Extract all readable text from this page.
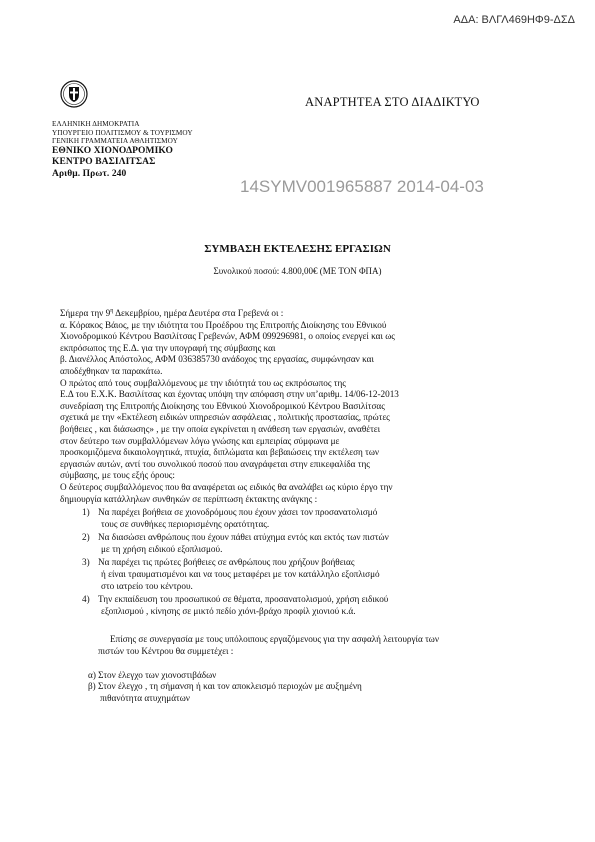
ΑΔΑ: ΒΛΓΛ469ΗΦ9-ΔΣΔ
ΕΛΛΗΝΙΚΗ ΔΗΜΟΚΡΑΤΙΑ
ΥΠΟΥΡΓΕΙΟ ΠΟΛΙΤΙΣΜΟΥ & ΤΟΥΡΙΣΜΟΥ
ΓΕΝΙΚΗ ΓΡΑΜΜΑΤΕΙΑ ΑΘΛΗΤΙΣΜΟΥ
ΕΘΝΙΚΟ ΧΙΟΝΟΔΡΟΜΙΚΟ
ΚΕΝΤΡΟ ΒΑΣΙΛΙΤΣΑΣ
Αριθμ. Πρωτ. 240
ΑΝΑΡΤΗΤΕΑ ΣΤΟ ΔΙΑΔΙΚΤΥΟ
14SYMV001965887 2014-04-03
ΣΥΜΒΑΣΗ ΕΚΤΕΛΕΣΗΣ ΕΡΓΑΣΙΩΝ
Συνολικού ποσού: 4.800,00€ (ΜΕ ΤΟΝ ΦΠΑ)

Σήμερα την $9^\eta$ Δεκεμβρίου, ημέρα Δευτέρα στα Γρεβενά οι :

α. Κόρακος Βάιος, με την ιδιότητα του Προέδρου της Επιτροπής Διοίκησης του Εθνικού

Χιονοδρομικού Κέντρου Βασιλίτσας Γρεβενών, ΑΦΜ 099296981, ο οποίος ενεργεί και ως

εκπρόσωπος της Ε.Δ. για την υπογραφή της σύμβασης και

β. Διανέλλος Απόστολος, ΑΦΜ 036385730 ανάδοχος της εργασίας, συμφώνησαν και

αποδέχθηκαν τα παρακάτω.

Ο πρώτος από τους συμβαλλόμενους με την ιδιότητά του ως εκπρόσωπος της

Ε.Δ του Ε.Χ.Κ. Βασιλίτσας και έχοντας υπόψη την απόφαση στην υπ’αριθμ. 14/06-12-2013

συνεδρίαση της Επιτροπής Διοίκησης του Εθνικού Χιονοδρομικού Κέντρου Βασιλίτσας

σχετικά με την «Εκτέλεση ειδικών υπηρεσιών ασφάλειας , πολιτικής προστασίας, πρώτες

βοήθειες , και διάσωσης» , με την οποία εγκρίνεται η ανάθεση των εργασιών, αναθέτει

στον δεύτερο των συμβαλλόμενων λόγω γνώσης και εμπειρίας σύμφωνα με

προσκομιζόμενα δικαιολογητικά, πτυχία, διπλώματα και βεβαιώσεις την εκτέλεση των

εργασιών αυτών, αντί του συνολικού ποσού που αναγράφεται στην επικεφαλίδα της

σύμβασης, με τους εξής όρους:

Ο δεύτερος συμβαλλόμενος που θα αναφέρεται ως ειδικός θα αναλάβει ως κύριο έργο την

δημιουργία κατάλληλων συνθηκών σε περίπτωση έκτακτης ανάγκης :

1) Να παρέχει βοήθεια σε χιονοδρόμους που έχουν χάσει τον προσανατολισμό
τους σε συνθήκες περιορισμένης ορατότητας.
2) Να διασώσει ανθρώπους που έχουν πάθει ατύχημα εντός και εκτός των πιστών
με τη χρήση ειδικού εξοπλισμού.
3) Να παρέχει τις πρώτες βοήθειες σε ανθρώπους που χρήζουν βοήθειας
ή είναι τραυματισμένοι και να τους μεταφέρει με τον κατάλληλο εξοπλισμό
στο ιατρείο του κέντρου.
4) Την εκπαίδευση του προσωπικού σε θέματα, προσανατολισμού, χρήση ειδικού
εξοπλισμού , κίνησης σε μικτό πεδίο χιόνι-βράχο προφίλ χιονιού κ.ά.

Επίσης σε συνεργασία με τους υπόλοιπους εργαζόμενους για την ασφαλή λειτουργία των

πιστών του Κέντρου θα συμμετέχει :

α) Στον έλεγχο των χιονοστιβάδων
β) Στον έλεγχο , τη σήμανση ή και τον αποκλεισμό περιοχών με αυξημένη
πιθανότητα ατυχημάτων
